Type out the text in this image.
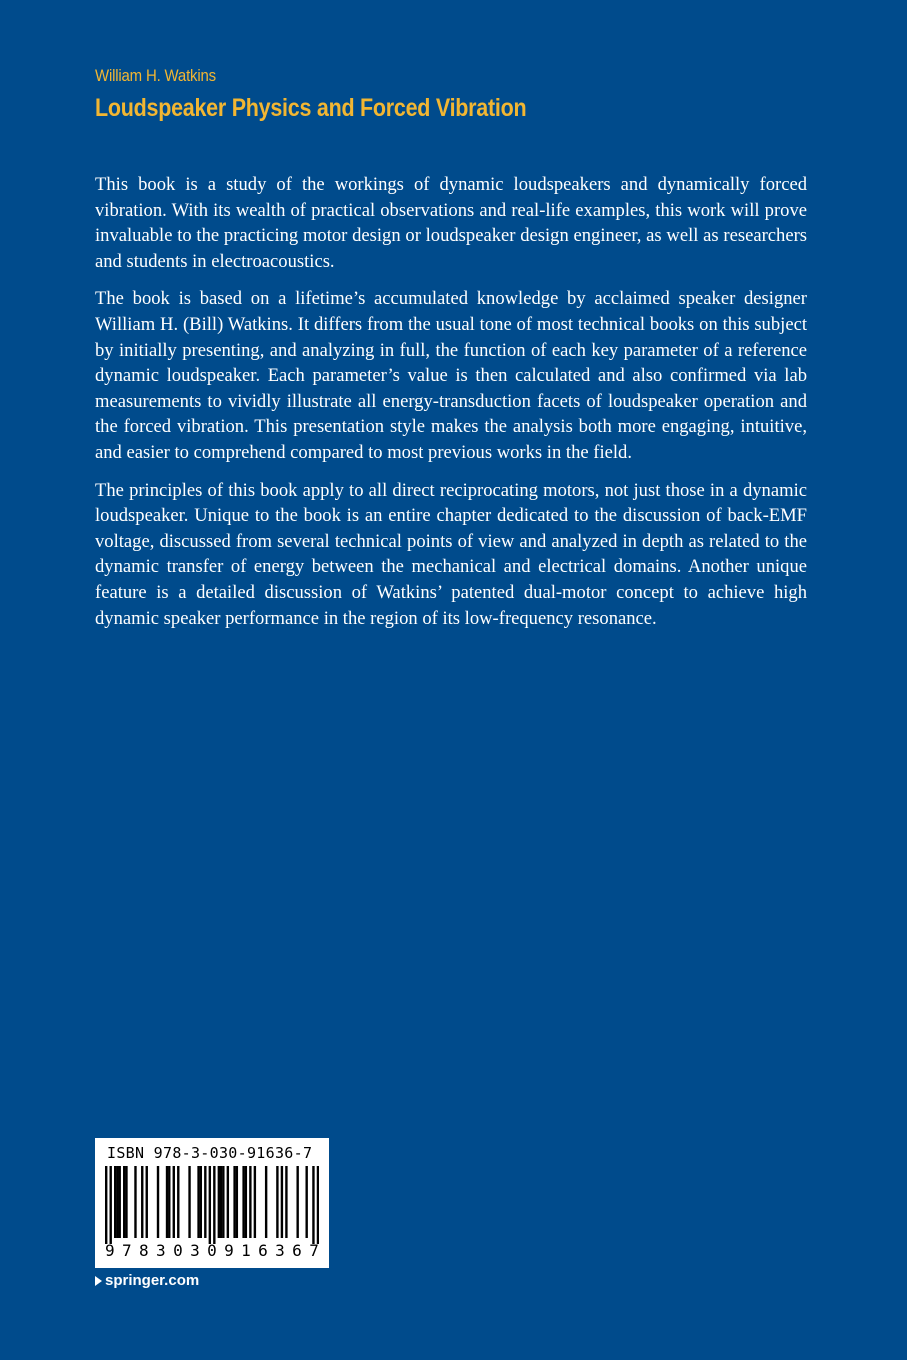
William H. Watkins
Loudspeaker Physics and Forced Vibration

This book is a study of the workings of dynamic loudspeakers and dynamically forced vibration. With its wealth of practical observations and real-life examples, this work will prove invaluable to the practicing motor design or loudspeaker design engineer, as well as researchers and students in electroacoustics.

The book is based on a lifetime’s accumulated knowledge by acclaimed speaker designer William H. (Bill) Watkins. It differs from the usual tone of most technical books on this subject by initially presenting, and analyzing in full, the function of each key parameter of a reference dynamic loudspeaker. Each parameter’s value is then calculated and also confirmed via lab measurements to vividly illustrate all energy-transduction facets of loudspeaker operation and the forced vibration. This presentation style makes the analysis both more engaging, intuitive, and easier to comprehend compared to most previous works in the field.

The principles of this book apply to all direct reciprocating motors, not just those in a dynamic loudspeaker. Unique to the book is an entire chapter dedicated to the discussion of back-EMF voltage, discussed from several technical points of view and analyzed in depth as related to the dynamic transfer of energy between the mechanical and electrical domains. Another unique feature is a detailed discussion of Watkins’ patented dual-motor concept to achieve high dynamic speaker performance in the region of its low-frequency resonance.

ISBN 978-3-030-91636-7
9 7 8 3 0 3 0 9 1 6 3 6 7
springer.com
